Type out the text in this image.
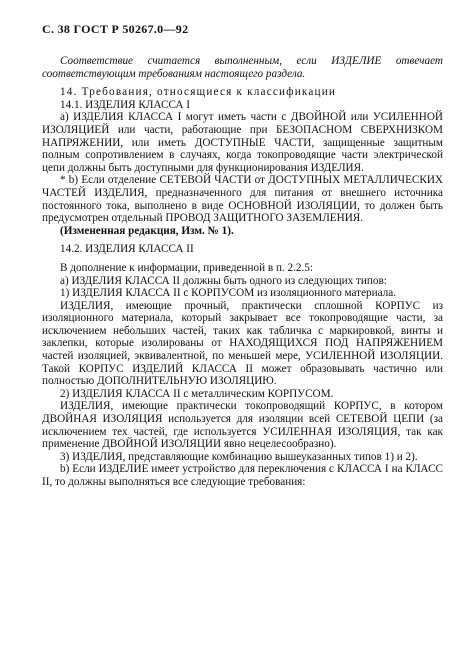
С. 38 ГОСТ Р 50267.0—92

Соответствие считается выполненным, если ИЗДЕЛИЕ отвечает соответствующим требованиям настоящего раздела.

14. Требования, относящиеся к классификации

14.1. ИЗДЕЛИЯ КЛАССА I

а) ИЗДЕЛИЯ КЛАССА I могут иметь части с ДВОЙНОЙ или УСИЛЕННОЙ ИЗОЛЯЦИЕЙ или части, работающие при БЕЗОПАСНОМ СВЕРХНИЗКОМ НАПРЯЖЕНИИ, или иметь ДОСТУПНЫЕ ЧАСТИ, защищенные защитным полным сопротивлением в случаях, когда токопроводящие части электрической цепи должны быть доступными для функционирования ИЗДЕЛИЯ.

* b) Если отделение СЕТЕВОЙ ЧАСТИ от ДОСТУПНЫХ МЕТАЛЛИЧЕСКИХ ЧАСТЕЙ ИЗДЕЛИЯ, предназначенного для питания от внешнего источника постоянного тока, выполнено в виде ОСНОВНОЙ ИЗОЛЯЦИИ, то должен быть предусмотрен отдельный ПРОВОД ЗАЩИТНОГО ЗАЗЕМЛЕНИЯ.

(Измененная редакция, Изм. № 1).

14.2. ИЗДЕЛИЯ КЛАССА II

В дополнение к информации, приведенной в п. 2.2.5:

а) ИЗДЕЛИЯ КЛАССА II должны быть одного из следующих типов:

1) ИЗДЕЛИЯ КЛАССА II с КОРПУСОМ из изоляционного материала.

ИЗДЕЛИЯ, имеющие прочный, практически сплошной КОРПУС из изоляционного материала, который закрывает все токопроводящие части, за исключением небольших частей, таких как табличка с маркировкой, винты и заклепки, которые изолированы от НАХОДЯЩИХСЯ ПОД НАПРЯЖЕНИЕМ частей изоляцией, эквивалентной, по меньшей мере, УСИЛЕННОЙ ИЗОЛЯЦИИ. Такой КОРПУС ИЗДЕЛИЙ КЛАССА II может образовывать частично или полностью ДОПОЛНИТЕЛЬНУЮ ИЗОЛЯЦИЮ.

2) ИЗДЕЛИЯ КЛАССА II с металлическим КОРПУСОМ.

ИЗДЕЛИЯ, имеющие практически токопроводящий КОРПУС, в котором ДВОЙНАЯ ИЗОЛЯЦИЯ используется для изоляции всей СЕТЕВОЙ ЦЕПИ (за исключением тех частей, где используется УСИЛЕННАЯ ИЗОЛЯЦИЯ, так как применение ДВОЙНОЙ ИЗОЛЯЦИИ явно нецелесообразно).

3) ИЗДЕЛИЯ, представляющие комбинацию вышеуказанных типов 1) и 2).

b) Если ИЗДЕЛИЕ имеет устройство для переключения с КЛАССА I на КЛАСС II, то должны выполняться все следующие требования:
